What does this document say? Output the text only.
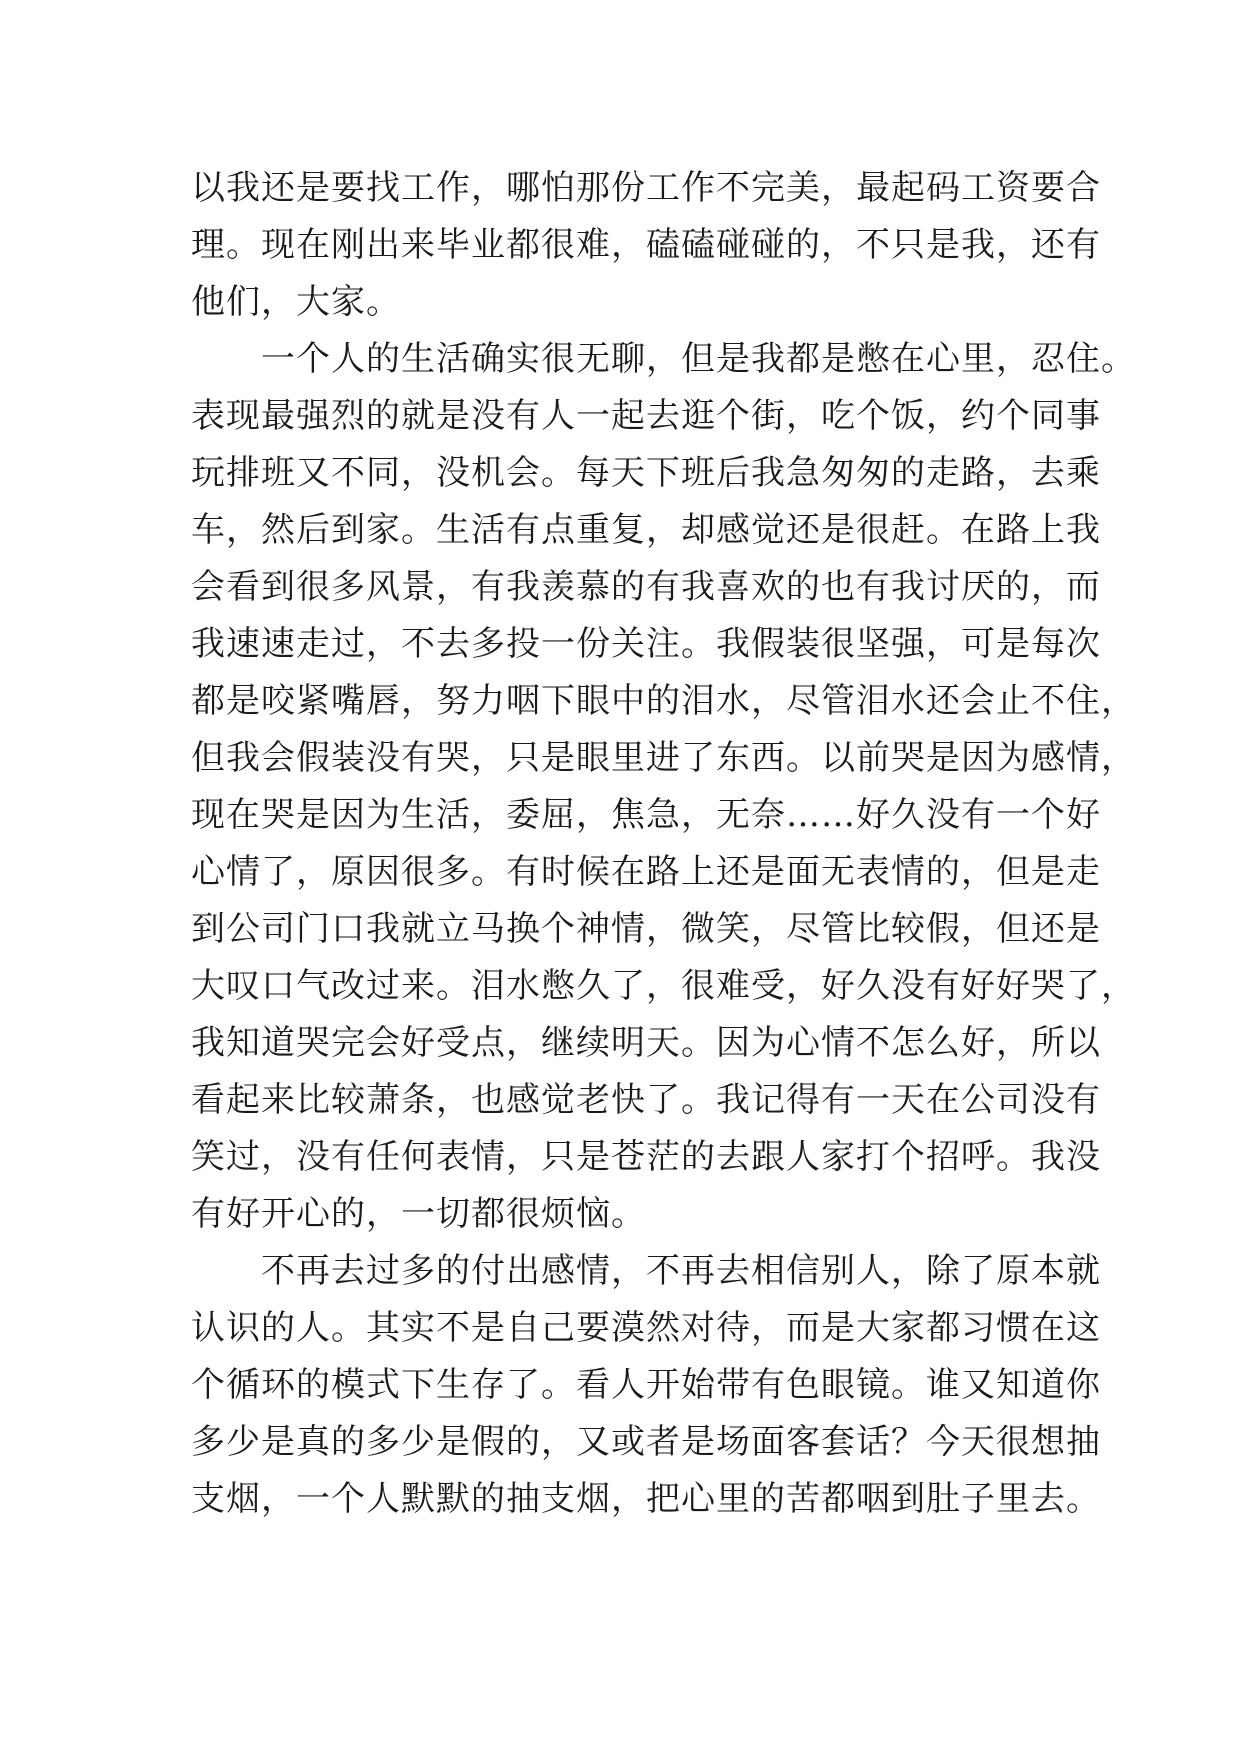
以我还是要找工作，哪怕那份工作不完美，最起码工资要合
理。现在刚出来毕业都很难，磕磕碰碰的，不只是我，还有
他们，大家。

　　一个人的生活确实很无聊，但是我都是憋在心里，忍住。
表现最强烈的就是没有人一起去逛个街，吃个饭，约个同事
玩排班又不同，没机会。每天下班后我急匆匆的走路，去乘
车，然后到家。生活有点重复，却感觉还是很赶。在路上我
会看到很多风景，有我羡慕的有我喜欢的也有我讨厌的，而
我速速走过，不去多投一份关注。我假装很坚强，可是每次
都是咬紧嘴唇，努力咽下眼中的泪水，尽管泪水还会止不住，
但我会假装没有哭，只是眼里进了东西。以前哭是因为感情，
现在哭是因为生活，委屈，焦急，无奈……好久没有一个好
心情了，原因很多。有时候在路上还是面无表情的，但是走
到公司门口我就立马换个神情，微笑，尽管比较假，但还是
大叹口气改过来。泪水憋久了，很难受，好久没有好好哭了，
我知道哭完会好受点，继续明天。因为心情不怎么好，所以
看起来比较萧条，也感觉老快了。我记得有一天在公司没有
笑过，没有任何表情，只是苍茫的去跟人家打个招呼。我没
有好开心的，一切都很烦恼。

　　不再去过多的付出感情，不再去相信别人，除了原本就
认识的人。其实不是自己要漠然对待，而是大家都习惯在这
个循环的模式下生存了。看人开始带有色眼镜。谁又知道你
多少是真的多少是假的，又或者是场面客套话？今天很想抽
支烟，一个人默默的抽支烟，把心里的苦都咽到肚子里去。
